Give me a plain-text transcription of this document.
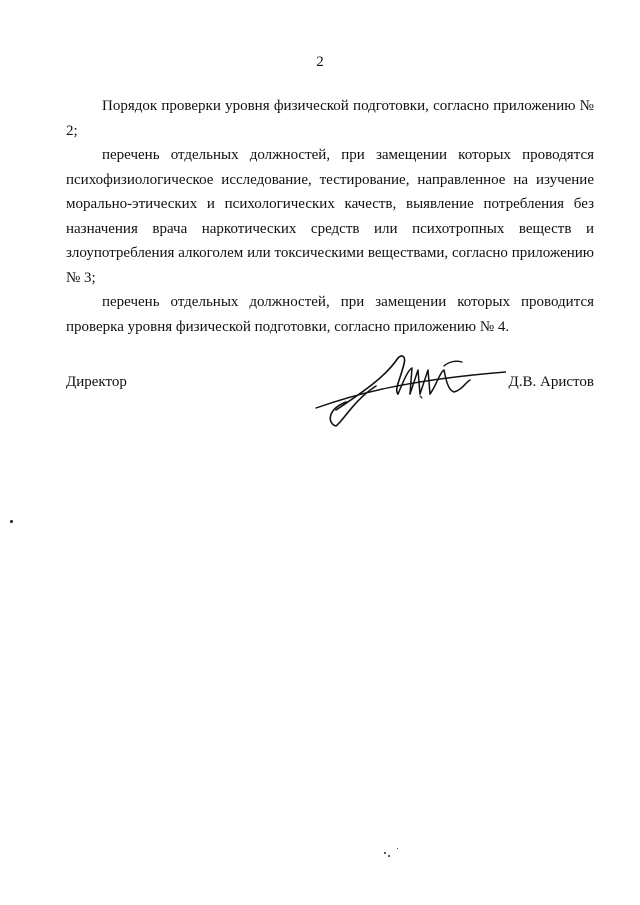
2

Порядок проверки уровня физической подготовки, согласно приложению № 2;

перечень отдельных должностей, при замещении которых проводятся психофизиологическое исследование, тестирование, направленное на изучение морально-этических и психологических качеств, выявление потребления без назначения врача наркотических средств или психотропных веществ и злоупотребления алкоголем или токсическими веществами, согласно приложению № 3;

перечень отдельных должностей, при замещении которых проводится проверка уровня физической подготовки, согласно приложению № 4.

Директор	Д.В. Аристов
